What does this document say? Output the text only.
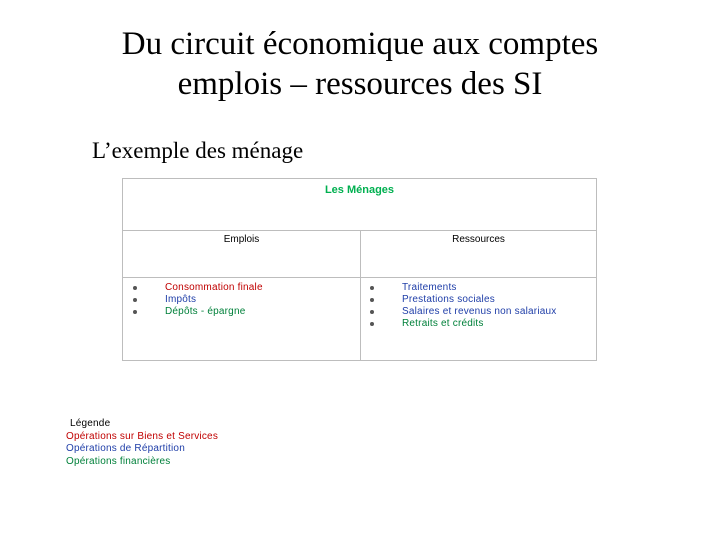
Du circuit économique aux comptes
emplois – ressources des SI
L’exemple des ménage
Les Ménages
Emplois	Ressources
Consommation finale
Impôts
Dépôts - épargne
Traitements
Prestations sociales
Salaires et revenus non salariaux
Retraits et crédits
Légende
Opérations sur Biens et Services
Opérations de Répartition
Opérations financières
